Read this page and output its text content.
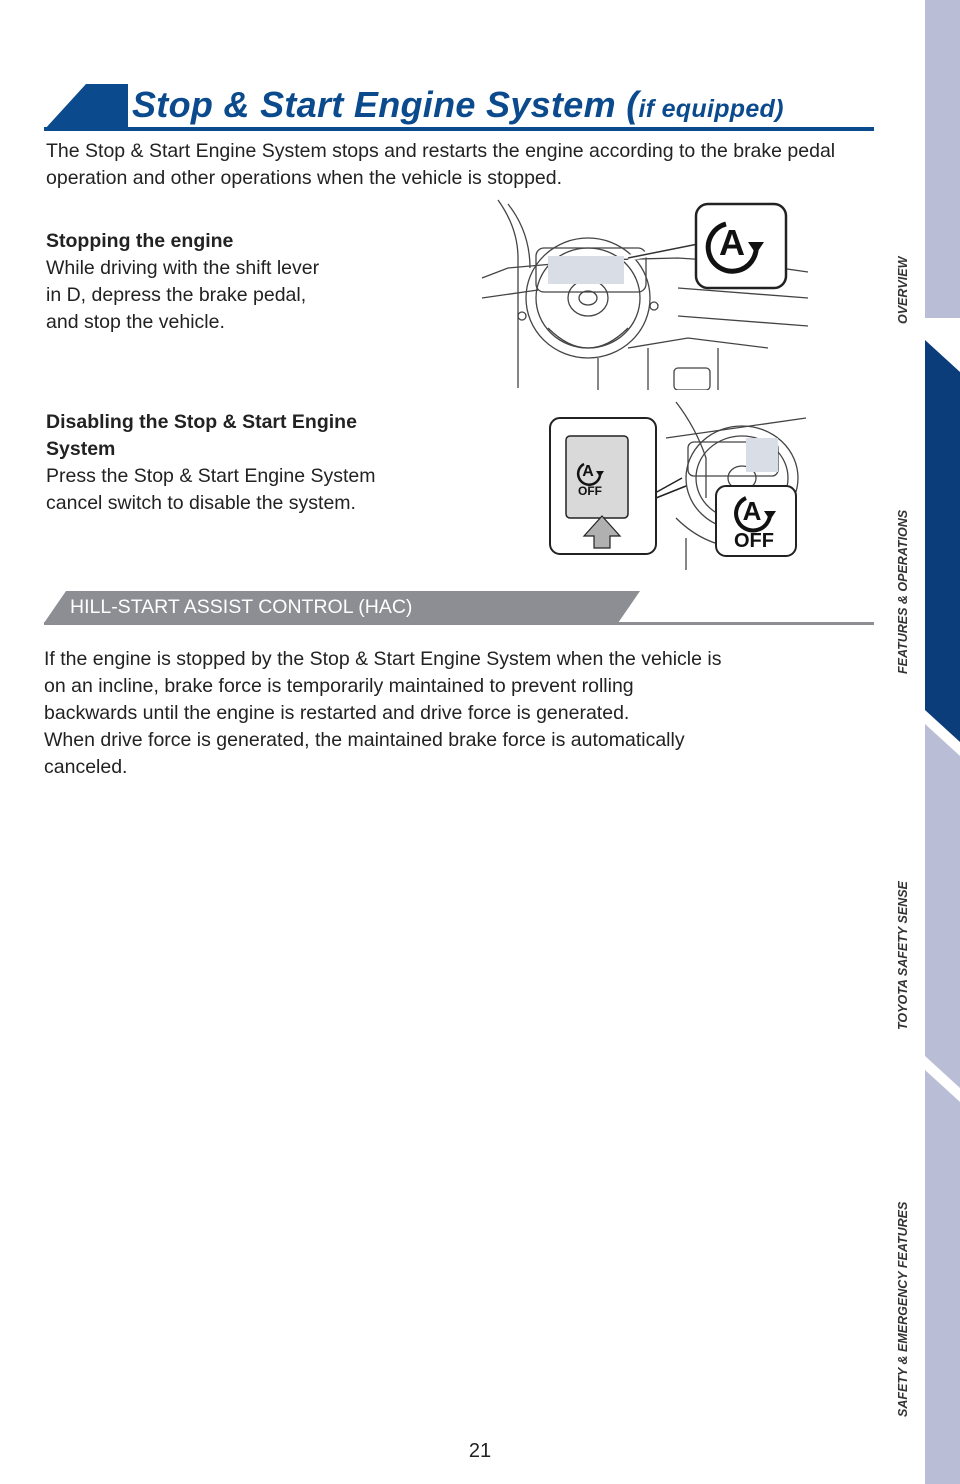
Stop & Start Engine System (if equipped)
The Stop & Start Engine System stops and restarts the engine according to the brake pedal operation and other operations when the vehicle is stopped.
Stopping the engine
While driving with the shift lever
in D, depress the brake pedal,
and stop the vehicle.
A
Disabling the Stop & Start Engine
System
Press the Stop & Start Engine System
cancel switch to disable the system.
A
OFF
A
OFF
HILL-START ASSIST CONTROL (HAC)
If the engine is stopped by the Stop & Start Engine System when the vehicle is
on an incline, brake force is temporarily maintained to prevent rolling
backwards until the engine is restarted and drive force is generated.
When drive force is generated, the maintained brake force is automatically
canceled.
21
OVERVIEW
FEATURES & OPERATIONS
TOYOTA SAFETY SENSE
SAFETY & EMERGENCY FEATURES
